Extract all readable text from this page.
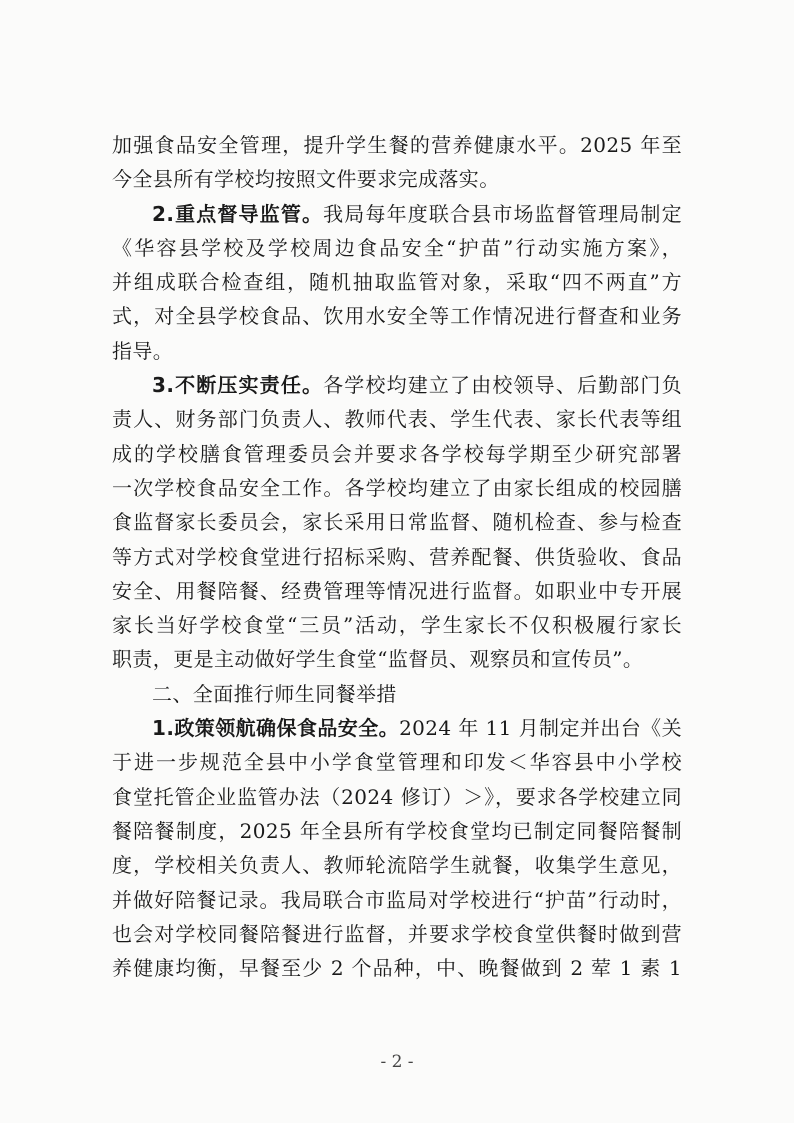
加强食品安全管理，提升学生餐的营养健康水平。2025 年至
今全县所有学校均按照文件要求完成落实。
2.重点督导监管。我局每年度联合县市场监督管理局制定
《华容县学校及学校周边食品安全“护苗”行动实施方案》，
并组成联合检查组，随机抽取监管对象，采取“四不两直”方
式，对全县学校食品、饮用水安全等工作情况进行督查和业务
指导。
3.不断压实责任。各学校均建立了由校领导、后勤部门负
责人、财务部门负责人、教师代表、学生代表、家长代表等组
成的学校膳食管理委员会并要求各学校每学期至少研究部署
一次学校食品安全工作。各学校均建立了由家长组成的校园膳
食监督家长委员会，家长采用日常监督、随机检查、参与检查
等方式对学校食堂进行招标采购、营养配餐、供货验收、食品
安全、用餐陪餐、经费管理等情况进行监督。如职业中专开展
家长当好学校食堂“三员”活动，学生家长不仅积极履行家长
职责，更是主动做好学生食堂“监督员、观察员和宣传员”。
二、全面推行师生同餐举措
1.政策领航确保食品安全。2024 年 11 月制定并出台《关
于进一步规范全县中小学食堂管理和印发＜华容县中小学校
食堂托管企业监管办法（2024 修订）＞》，要求各学校建立同
餐陪餐制度，2025 年全县所有学校食堂均已制定同餐陪餐制
度，学校相关负责人、教师轮流陪学生就餐，收集学生意见，
并做好陪餐记录。我局联合市监局对学校进行“护苗”行动时，
也会对学校同餐陪餐进行监督，并要求学校食堂供餐时做到营
养健康均衡，早餐至少 2 个品种，中、晚餐做到 2 荤 1 素 1
- 2 -
